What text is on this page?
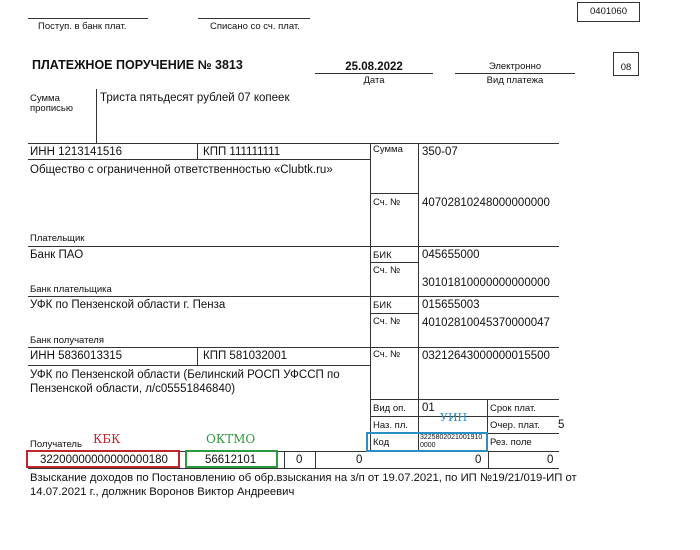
0401060
Поступ. в банк плат.	Списано со сч. плат.
ПЛАТЕЖНОЕ ПОРУЧЕНИЕ № 3813	25.08.2022
Дата
Электронно
Вид платежа
08
Сумма
прописью
Триста пятьдесят рублей 07 копеек
ИНН 1213141516	КПП 111111111
Общество с ограниченной ответственностью «Clubtk.ru»
Плательщик
Сумма 350-07
Сч. № 40702810248000000000
Банк ПАО
Банк плательщика
БИК	045655000
Сч. №
30101810000000000000
УФК по Пензенской области г. Пенза
Банк получателя
БИК	015655003
Сч. № 40102810045370000047
ИНН 5836013315	КПП 581032001	Сч. № 03212643000000015500
УФК по Пензенской области (Белинский РОСП УФССП по
Пензенской области, л/с05551846840)
Получатель
Вид оп. 01	Срок плат.
Наз. пл.	Очер. плат. 5
Код	32258020210019100000	Рез. поле
32200000000000000180	56612101	0	0	0	0
КБК	ОКТМО
УИН
Взыскание доходов по Постановлению об обр.взыскания на з/п от 19.07.2021, по ИП №19/21/019-ИП от
14.07.2021 г., должник Воронов Виктор Андреевич
